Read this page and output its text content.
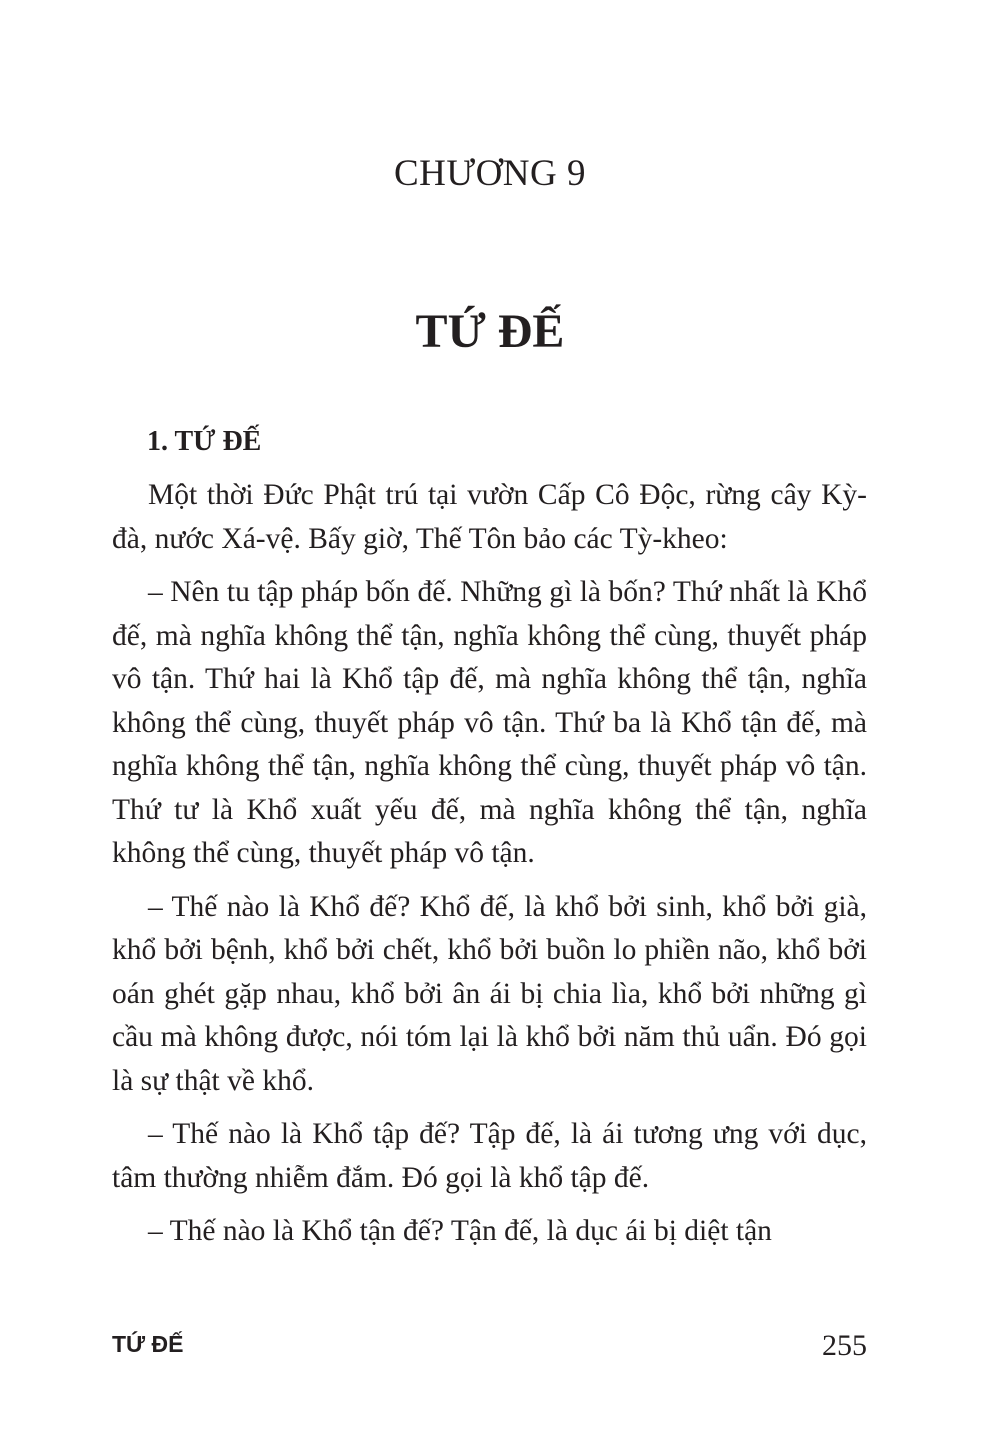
CHƯƠNG 9
TỨ ĐẾ
1. TỨ ĐẾ

Một thời Đức Phật trú tại vườn Cấp Cô Độc, rừng cây Kỳ-đà, nước Xá-vệ. Bấy giờ, Thế Tôn bảo các Tỳ-kheo:

– Nên tu tập pháp bốn đế. Những gì là bốn? Thứ nhất là Khổ đế, mà nghĩa không thể tận, nghĩa không thể cùng, thuyết pháp vô tận. Thứ hai là Khổ tập đế, mà nghĩa không thể tận, nghĩa không thể cùng, thuyết pháp vô tận. Thứ ba là Khổ tận đế, mà nghĩa không thể tận, nghĩa không thể cùng, thuyết pháp vô tận. Thứ tư là Khổ xuất yếu đế, mà nghĩa không thể tận, nghĩa không thể cùng, thuyết pháp vô tận.

– Thế nào là Khổ đế? Khổ đế, là khổ bởi sinh, khổ bởi già, khổ bởi bệnh, khổ bởi chết, khổ bởi buồn lo phiền não, khổ bởi oán ghét gặp nhau, khổ bởi ân ái bị chia lìa, khổ bởi những gì cầu mà không được, nói tóm lại là khổ bởi năm thủ uẩn. Đó gọi là sự thật về khổ.

– Thế nào là Khổ tập đế? Tập đế, là ái tương ưng với dục, tâm thường nhiễm đắm. Đó gọi là khổ tập đế.

– Thế nào là Khổ tận đế? Tận đế, là dục ái bị diệt tận

TỨ ĐẾ	255
